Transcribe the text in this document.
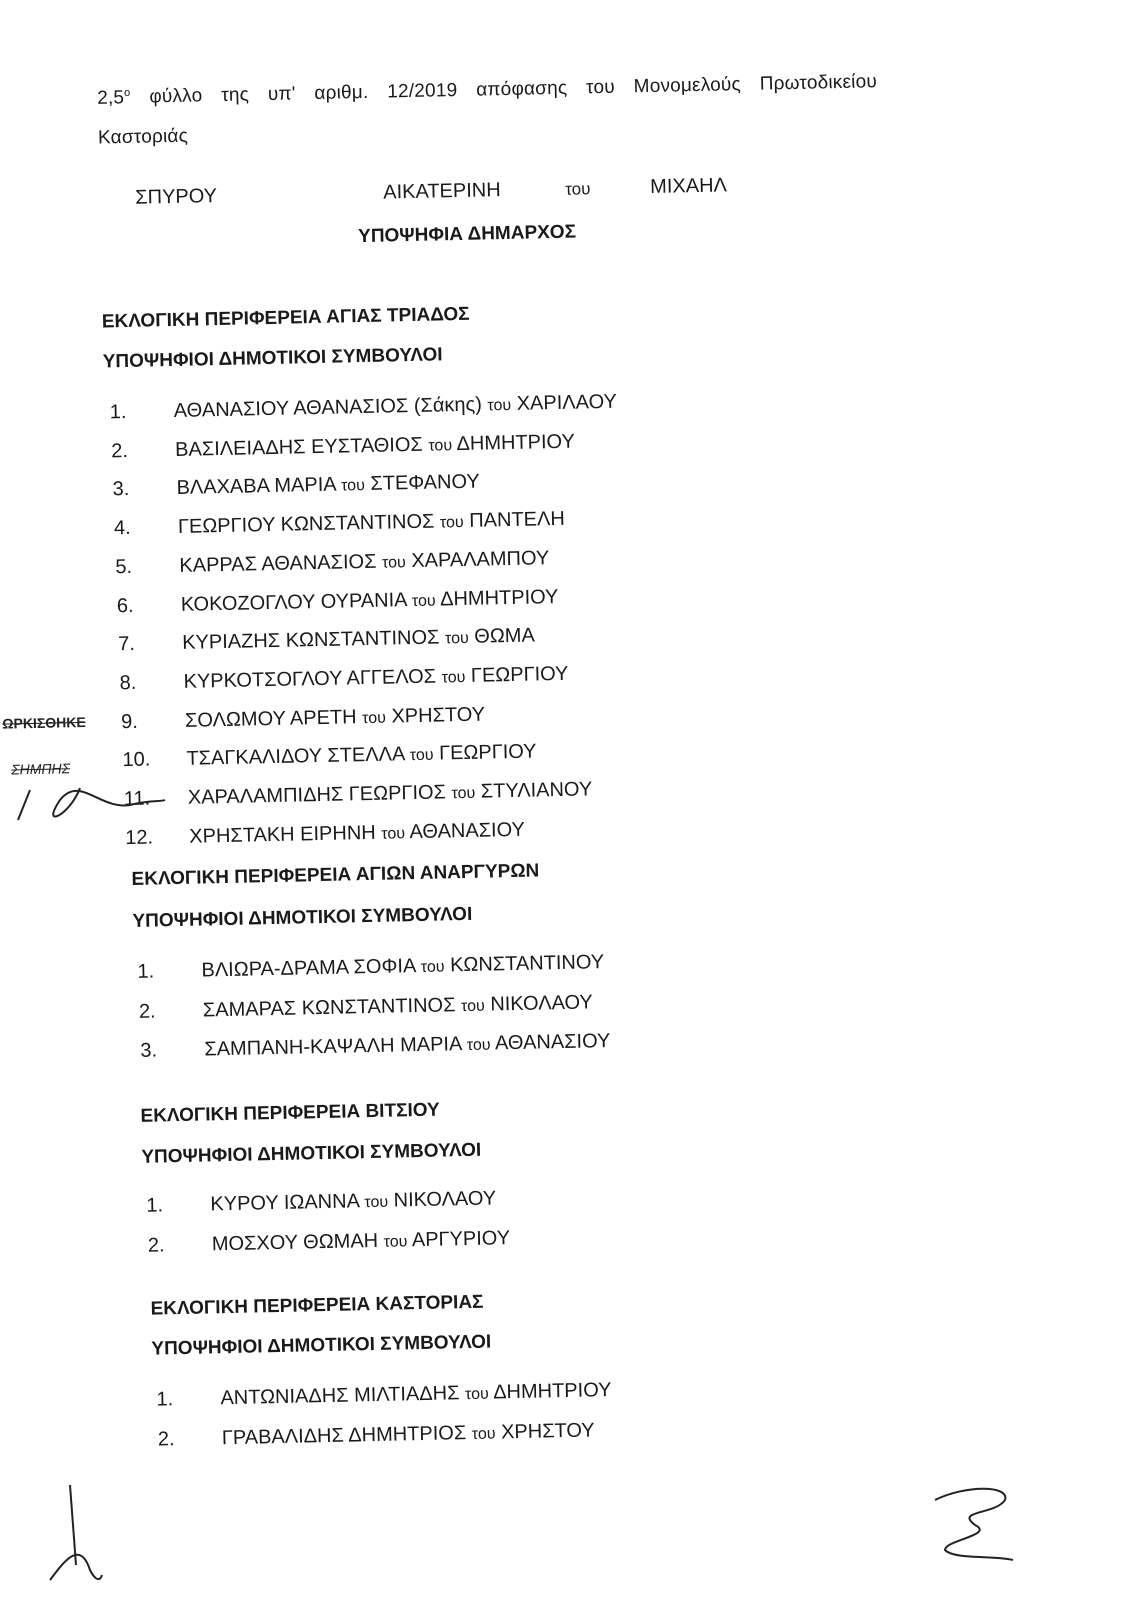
$2,5^o$ φύλλο της υπ' αριθμ. 12/2019 απόφασης του Μονομελούς Πρωτοδικείου
Καστοριάς
ΣΠΥΡΟΥ	ΑΙΚΑΤΕΡΙΝΗ	του	ΜΙΧΑΗΛ
ΥΠΟΨΗΦΙΑ ΔΗΜΑΡΧΟΣ
ΕΚΛΟΓΙΚΗ ΠΕΡΙΦΕΡΕΙΑ ΑΓΙΑΣ ΤΡΙΑΔΟΣ
ΥΠΟΨΗΦΙΟΙ ΔΗΜΟΤΙΚΟΙ ΣΥΜΒΟΥΛΟΙ
1. ΑΘΑΝΑΣΙΟΥ ΑΘΑΝΑΣΙΟΣ (Σάκης) του ΧΑΡΙΛΑΟΥ
2. ΒΑΣΙΛΕΙΑΔΗΣ ΕΥΣΤΑΘΙΟΣ του ΔΗΜΗΤΡΙΟΥ
3. ΒΛΑΧΑΒΑ ΜΑΡΙΑ του ΣΤΕΦΑΝΟΥ
4. ΓΕΩΡΓΙΟΥ ΚΩΝΣΤΑΝΤΙΝΟΣ του ΠΑΝΤΕΛΗ
5. ΚΑΡΡΑΣ ΑΘΑΝΑΣΙΟΣ του ΧΑΡΑΛΑΜΠΟΥ
6. ΚΟΚΟΖΟΓΛΟΥ ΟΥΡΑΝΙΑ του ΔΗΜΗΤΡΙΟΥ
7. ΚΥΡΙΑΖΗΣ ΚΩΝΣΤΑΝΤΙΝΟΣ του ΘΩΜΑ
8. ΚΥΡΚΟΤΣΟΓΛΟΥ ΑΓΓΕΛΟΣ του ΓΕΩΡΓΙΟΥ
9. ΣΟΛΩΜΟΥ ΑΡΕΤΗ του ΧΡΗΣΤΟΥ
10. ΤΣΑΓΚΑΛΙΔΟΥ ΣΤΕΛΛΑ του ΓΕΩΡΓΙΟΥ
11. ΧΑΡΑΛΑΜΠΙΔΗΣ ΓΕΩΡΓΙΟΣ του ΣΤΥΛΙΑΝΟΥ
12. ΧΡΗΣΤΑΚΗ ΕΙΡΗΝΗ του ΑΘΑΝΑΣΙΟΥ
ΕΚΛΟΓΙΚΗ ΠΕΡΙΦΕΡΕΙΑ ΑΓΙΩΝ ΑΝΑΡΓΥΡΩΝ
ΥΠΟΨΗΦΙΟΙ ΔΗΜΟΤΙΚΟΙ ΣΥΜΒΟΥΛΟΙ
1. ΒΛΙΩΡΑ-ΔΡΑΜΑ ΣΟΦΙΑ του ΚΩΝΣΤΑΝΤΙΝΟΥ
2. ΣΑΜΑΡΑΣ ΚΩΝΣΤΑΝΤΙΝΟΣ του ΝΙΚΟΛΑΟΥ
3. ΣΑΜΠΑΝΗ-ΚΑΨΑΛΗ ΜΑΡΙΑ του ΑΘΑΝΑΣΙΟΥ
ΕΚΛΟΓΙΚΗ ΠΕΡΙΦΕΡΕΙΑ ΒΙΤΣΙΟΥ
ΥΠΟΨΗΦΙΟΙ ΔΗΜΟΤΙΚΟΙ ΣΥΜΒΟΥΛΟΙ
1. ΚΥΡΟΥ ΙΩΑΝΝΑ του ΝΙΚΟΛΑΟΥ
2. ΜΟΣΧΟΥ ΘΩΜΑΗ του ΑΡΓΥΡΙΟΥ
ΕΚΛΟΓΙΚΗ ΠΕΡΙΦΕΡΕΙΑ ΚΑΣΤΟΡΙΑΣ
ΥΠΟΨΗΦΙΟΙ ΔΗΜΟΤΙΚΟΙ ΣΥΜΒΟΥΛΟΙ
1. ΑΝΤΩΝΙΑΔΗΣ ΜΙΛΤΙΑΔΗΣ του ΔΗΜΗΤΡΙΟΥ
2. ΓΡΑΒΑΛΙΔΗΣ ΔΗΜΗΤΡΙΟΣ του ΧΡΗΣΤΟΥ
ΩΡΚΙΣΘΗΚΕ
ΣΗΜΠΗΣ
